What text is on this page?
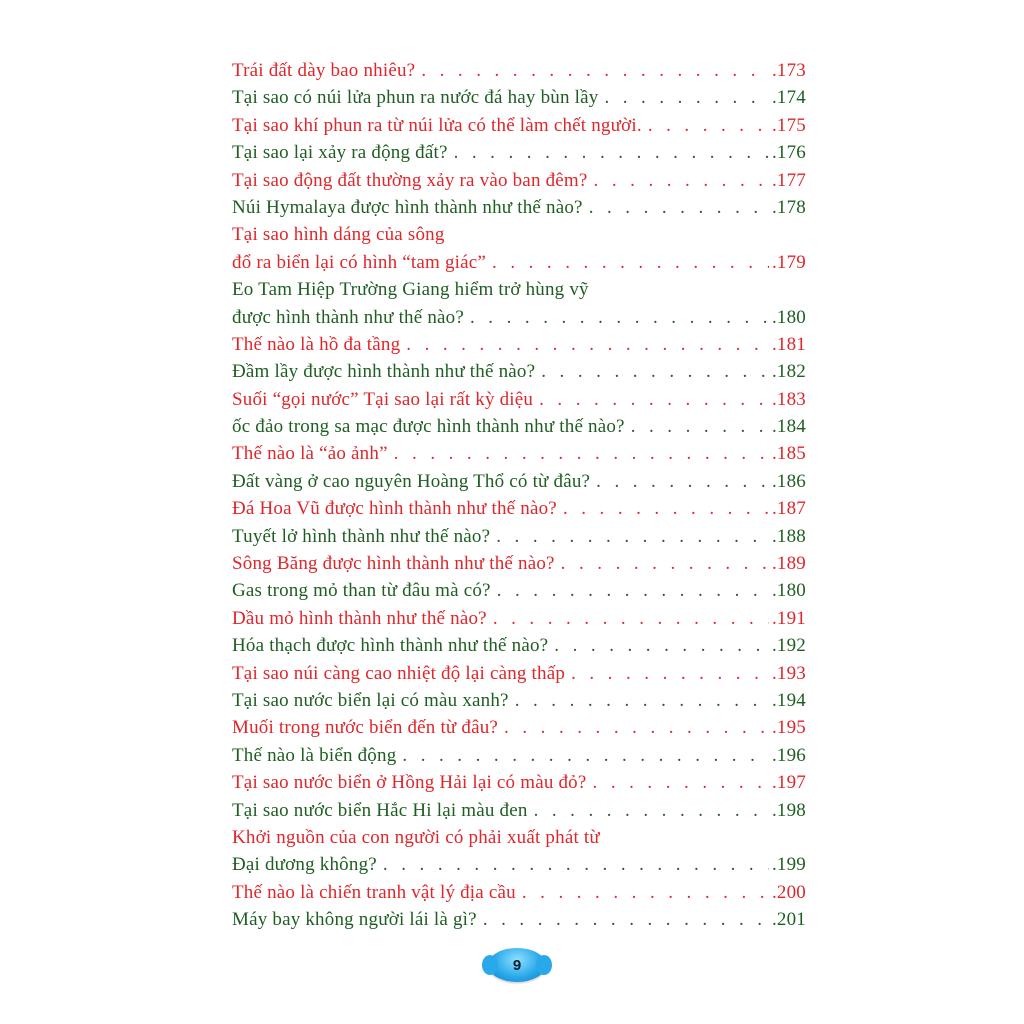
Trái đất dày bao nhiêu? . . .	.173
Tại sao có núi lửa phun ra nước đá hay bùn lầy . . .	.174
Tại sao khí phun ra từ núi lửa có thể làm chết người. . . .	.175
Tại sao lại xảy ra động đất? . . .	.176
Tại sao động đất thường xảy ra vào ban đêm? . . .	.177
Núi Hymalaya được hình thành như thế nào? . . .	.178
Tại sao hình dáng của sông
đổ ra biển lại có hình “tam giác” . . .	.179
Eo Tam Hiệp Trường Giang hiểm trở hùng vỹ
được hình thành như thế nào? . . .	.180
Thế nào là hồ đa tầng . . .	.181
Đầm lầy được hình thành như thế nào? . . .	.182
Suối “gọi nước” Tại sao lại rất kỳ diệu . . .	.183
ốc đảo trong sa mạc được hình thành như thế nào? . . .	.184
Thế nào là “ảo ảnh” . . .	.185
Đất vàng ở cao nguyên Hoàng Thổ có từ đâu? . . .	.186
Đá Hoa Vũ được hình thành như thế nào? . . .	.187
Tuyết lở hình thành như thế nào? . . .	.188
Sông Băng được hình thành như thế nào? . . .	.189
Gas trong mỏ than từ đâu mà có? . . .	.180
Dầu mỏ hình thành như thế nào? . . .	.191
Hóa thạch được hình thành như thế nào? . . .	.192
Tại sao núi càng cao nhiệt độ lại càng thấp . . .	.193
Tại sao nước biển lại có màu xanh? . . .	.194
Muối trong nước biển đến từ đâu? . . .	.195
Thế nào là biển động . . .	.196
Tại sao nước biển ở Hồng Hải lại có màu đỏ? . . .	.197
Tại sao nước biển Hắc Hi lại màu đen . . .	.198
Khởi nguồn của con người có phải xuất phát từ
Đại dương không? . . .	.199
Thế nào là chiến tranh vật lý địa cầu . . .	.200
Máy bay không người lái là gì? . . .	.201
9
